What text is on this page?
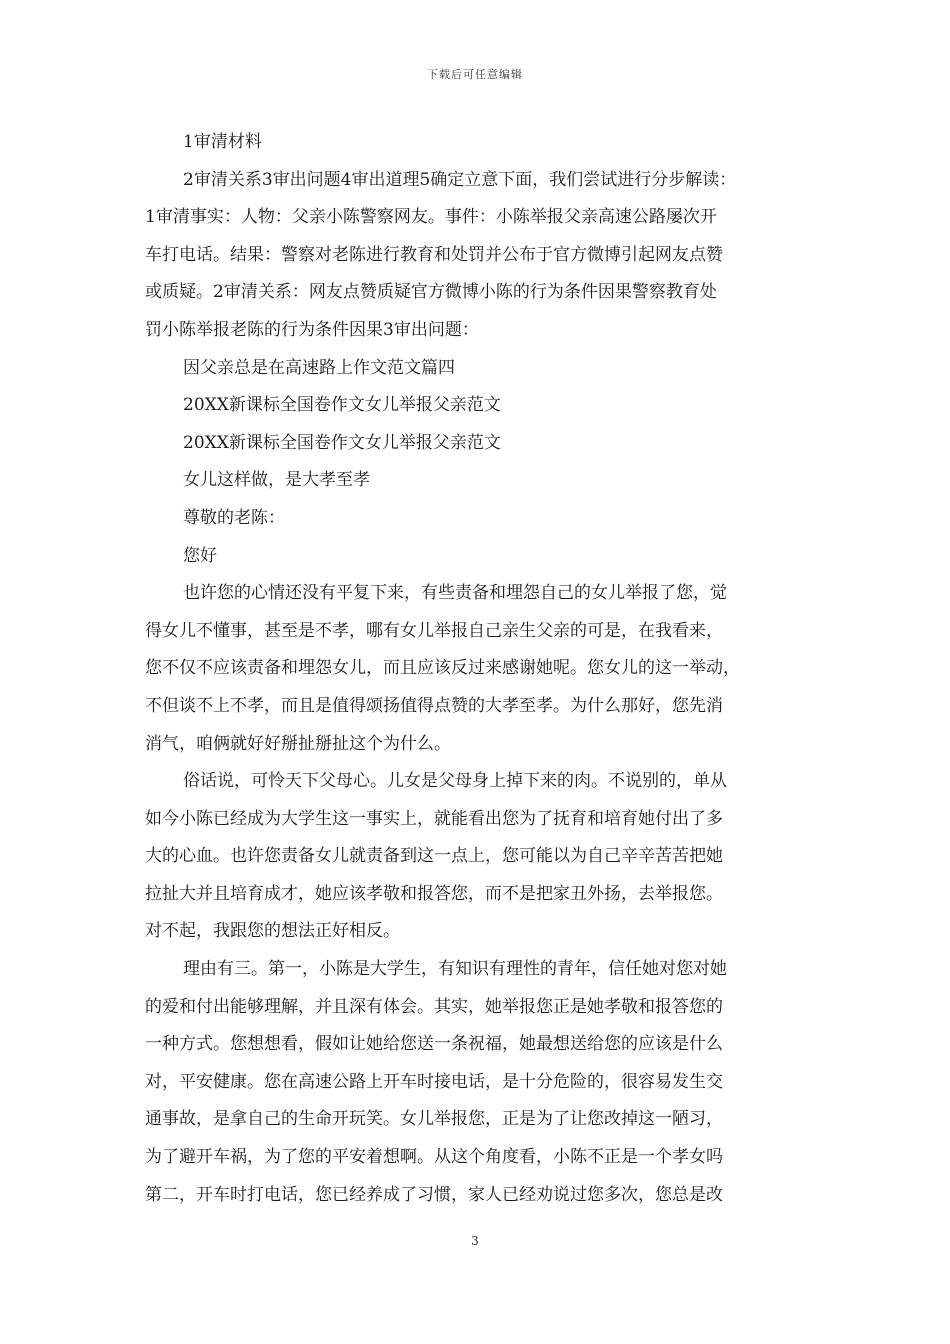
下载后可任意编辑
1审清材料
2审清关系3审出问题4审出道理5确定立意下面，我们尝试进行分步解读：
1审清事实：人物：父亲小陈警察网友。事件：小陈举报父亲高速公路屡次开
车打电话。结果：警察对老陈进行教育和处罚并公布于官方微博引起网友点赞
或质疑。2审清关系：网友点赞质疑官方微博小陈的行为条件因果警察教育处
罚小陈举报老陈的行为条件因果3审出问题：
因父亲总是在高速路上作文范文篇四
20XX新课标全国卷作文女儿举报父亲范文
20XX新课标全国卷作文女儿举报父亲范文
女儿这样做，是大孝至孝
尊敬的老陈：
您好
也许您的心情还没有平复下来，有些责备和埋怨自己的女儿举报了您，觉
得女儿不懂事，甚至是不孝，哪有女儿举报自己亲生父亲的可是，在我看来，
您不仅不应该责备和埋怨女儿，而且应该反过来感谢她呢。您女儿的这一举动，
不但谈不上不孝，而且是值得颂扬值得点赞的大孝至孝。为什么那好，您先消
消气，咱俩就好好掰扯掰扯这个为什么。
俗话说，可怜天下父母心。儿女是父母身上掉下来的肉。不说别的，单从
如今小陈已经成为大学生这一事实上，就能看出您为了抚育和培育她付出了多
大的心血。也许您责备女儿就责备到这一点上，您可能以为自己辛辛苦苦把她
拉扯大并且培育成才，她应该孝敬和报答您，而不是把家丑外扬，去举报您。
对不起，我跟您的想法正好相反。
理由有三。第一，小陈是大学生，有知识有理性的青年，信任她对您对她
的爱和付出能够理解，并且深有体会。其实，她举报您正是她孝敬和报答您的
一种方式。您想想看，假如让她给您送一条祝福，她最想送给您的应该是什么
对，平安健康。您在高速公路上开车时接电话，是十分危险的，很容易发生交
通事故，是拿自己的生命开玩笑。女儿举报您，正是为了让您改掉这一陋习，
为了避开车祸，为了您的平安着想啊。从这个角度看，小陈不正是一个孝女吗
第二，开车时打电话，您已经养成了习惯，家人已经劝说过您多次，您总是改
3
